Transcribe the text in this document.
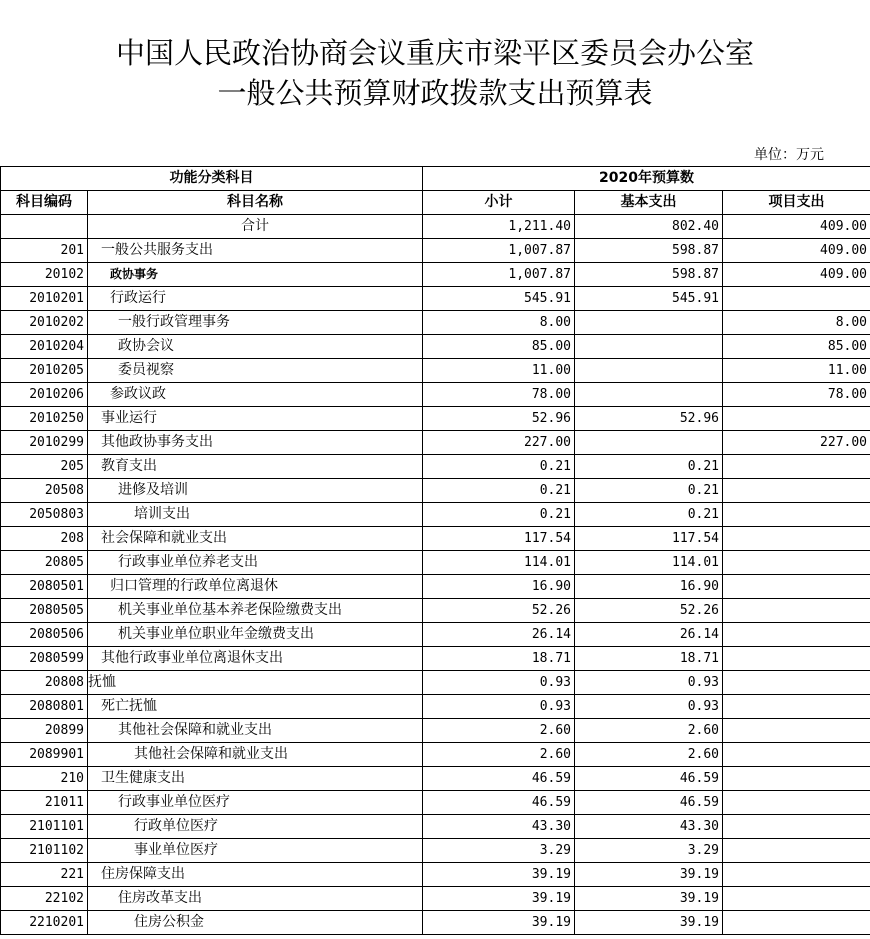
中国人民政治协商会议重庆市梁平区委员会办公室
一般公共预算财政拨款支出预算表
单位：万元
功能分类科目		2020年预算数		
科目编码	科目名称	小计	基本支出	项目支出
	合计	1,211.40	802.40	409.00
201	一般公共服务支出	1,007.87	598.87	409.00
20102	政协事务	1,007.87	598.87	409.00
2010201	行政运行	545.91	545.91	
2010202	一般行政管理事务	8.00		8.00
2010204	政协会议	85.00		85.00
2010205	委员视察	11.00		11.00
2010206	参政议政	78.00		78.00
2010250	事业运行	52.96	52.96	
2010299	其他政协事务支出	227.00		227.00
205	教育支出	0.21	0.21	
20508	进修及培训	0.21	0.21	
2050803	培训支出	0.21	0.21	
208	社会保障和就业支出	117.54	117.54	
20805	行政事业单位养老支出	114.01	114.01	
2080501	归口管理的行政单位离退休	16.90	16.90	
2080505	机关事业单位基本养老保险缴费支出	52.26	52.26	
2080506	机关事业单位职业年金缴费支出	26.14	26.14	
2080599	其他行政事业单位离退休支出	18.71	18.71	
20808	抚恤	0.93	0.93	
2080801	死亡抚恤	0.93	0.93	
20899	其他社会保障和就业支出	2.60	2.60	
2089901	其他社会保障和就业支出	2.60	2.60	
210	卫生健康支出	46.59	46.59	
21011	行政事业单位医疗	46.59	46.59	
2101101	行政单位医疗	43.30	43.30	
2101102	事业单位医疗	3.29	3.29	
221	住房保障支出	39.19	39.19	
22102	住房改革支出	39.19	39.19	
2210201	住房公积金	39.19	39.19	
